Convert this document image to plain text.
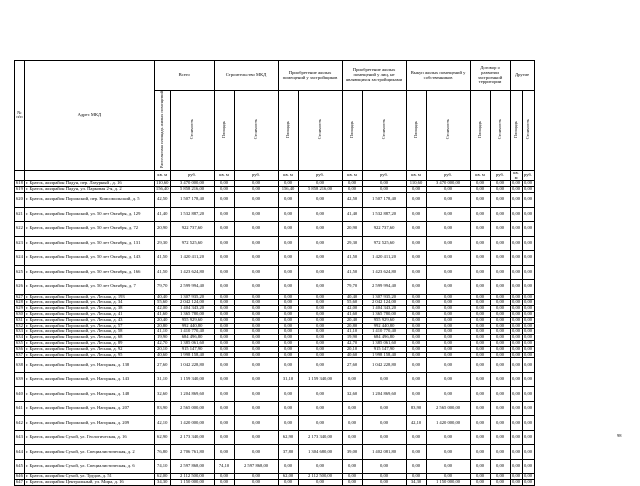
№ п/п	Адрес МКД	Всего		Строительство МКД		Приобретение жилых помещений у застройщиков		Приобретение жилых помещений у лиц, не являющихся застройщиками		Выкуп жилых помещений у собственников		Договор о развитии застроенной территории		Другие	
		Расселяемая площадь жилых помещений	Стоимость	Площадь	Стоимость	Площадь	Стоимость	Площадь	Стоимость	Площадь	Стоимость	Площадь	Стоимость	Площадь	Стоимость
		кв. м	руб.	кв. м	руб.	кв. м	руб.	кв. м	руб.	кв. м	руб.	кв. м	руб.	кв. м	руб.
618	г. Братск, жилрайон Падун, пер. Лазурный , д. 16	110,60	3 470 000,00	0,00	0,00	0,00	0,00	0,00	0,00	110,60	3 470 000,00	0,00	0,00	0,00	0,00
619	г. Братск, жилрайон Падун, ул. Парковая 2-я, д. 2	156,40	5 858 216,00	0,00	0,00	156,40	5 858 216,00	0,00	0,00	0,00	0,00	0,00	0,00	0,00	0,00
620	г. Братск, жилрайон Порожский, пер. Комсомольский, д. 5	42,50	1 507 178,40	0,00	0,00	0,00	0,00	42,50	1 507 178,40	0,00	0,00	0,00	0,00	0,00	0,00
621	г. Братск, жилрайон Порожский, ул. 50 лет Октября, д. 129	41,40	1 532 887,20	0,00	0,00	0,00	0,00	41,40	1 532 887,20	0,00	0,00	0,00	0,00	0,00	0,00
622	г. Братск, жилрайон Порожский, ул. 50 лет Октября, д. 72	20,90	922 737,60	0,00	0,00	0,00	0,00	20,90	922 737,60	0,00	0,00	0,00	0,00	0,00	0,00
623	г. Братск, жилрайон Порожский, ул. 50 лет Октября, д. 131	29,30	972 525,60	0,00	0,00	0,00	0,00	29,30	972 525,60	0,00	0,00	0,00	0,00	0,00	0,00
624	г. Братск, жилрайон Порожский, ул. 50 лет Октября, д. 143	41,50	1 420 411,20	0,00	0,00	0,00	0,00	41,50	1 420 411,20	0,00	0,00	0,00	0,00	0,00	0,00
625	г. Братск, жилрайон Порожский, ул. 50 лет Октября, д. 166	41,50	1 423 624,80	0,00	0,00	0,00	0,00	41,50	1 423 624,80	0,00	0,00	0,00	0,00	0,00	0,00
626	г. Братск, жилрайон Порожский, ул. 50 лет Октября, д. 7	79,70	2 599 994,40	0,00	0,00	0,00	0,00	79,70	2 599 994,40	0,00	0,00	0,00	0,00	0,00	0,00
627	г. Братск, жилрайон Порожский, ул. Лесная, д. 193	40,40	1 307 935,20	0,00	0,00	0,00	0,00	40,40	1 307 935,20	0,00	0,00	0,00	0,00	0,00	0,00
628	г. Братск, жилрайон Порожский, ул. Лесная, д. 34	55,60	2 042 124,00	0,00	0,00	0,00	0,00	55,60	2 042 124,00	0,00	0,00	0,00	0,00	0,00	0,00
629	г. Братск, жилрайон Порожский, ул. Лесная, д. 38	42,00	1 404 343,20	0,00	0,00	0,00	0,00	42,00	1 404 343,20	0,00	0,00	0,00	0,00	0,00	0,00
630	г. Братск, жилрайон Порожский, ул. Лесная, д. 41	41,60	1 365 780,00	0,00	0,00	0,00	0,00	41,60	1 365 780,00	0,00	0,00	0,00	0,00	0,00	0,00
631	г. Братск, жилрайон Порожский, ул. Лесная, д. 43	20,40	955 929,60	0,00	0,00	0,00	0,00	20,40	955 929,60	0,00	0,00	0,00	0,00	0,00	0,00
632	г. Братск, жилрайон Порожский, ул. Лесная, д. 57	20,80	992 440,80	0,00	0,00	0,00	0,00	20,80	992 440,80	0,00	0,00	0,00	0,00	0,00	0,00
633	г. Братск, жилрайон Порожский, ул. Лесная, д. 58	41,10	1 410 770,40	0,00	0,00	0,00	0,00	41,10	1 410 770,40	0,00	0,00	0,00	0,00	0,00	0,00
634	г. Братск, жилрайон Порожский, ул. Лесная, д. 68	19,90	684 496,80	0,00	0,00	0,00	0,00	19,90	684 496,80	0,00	0,00	0,00	0,00	0,00	0,00
635	г. Братск, жилрайон Порожский, ул. Лесная, д. 89	42,70	1 385 061,60	0,00	0,00	0,00	0,00	42,70	1 385 061,60	0,00	0,00	0,00	0,00	0,00	0,00
636	г. Братск, жилрайон Порожский, ул. Лесная, д. 92	20,10	915 147,90	0,00	0,00	0,00	0,00	20,10	915 147,90	0,00	0,00	0,00	0,00	0,00	0,00
637	г. Братск, жилрайон Порожский, ул. Лесная, д. 95	40,60	1 998 158,40	0,00	0,00	0,00	0,00	40,60	1 998 158,40	0,00	0,00	0,00	0,00	0,00	0,00
638	г. Братск, жилрайон Порожский, ул. Нагорная, д. 138	27,60	1 042 228,80	0,00	0,00	0,00	0,00	27,60	1 042 228,80	0,00	0,00	0,00	0,00	0,00	0,00
639	г. Братск, жилрайон Порожский, ул. Нагорная, д. 143	31,10	1 159 340,00	0,00	0,00	31,10	1 159 340,00	0,00	0,00	0,00	0,00	0,00	0,00	0,00	0,00
640	г. Братск, жилрайон Порожский, ул. Нагорная, д. 148	32,60	1 204 869,60	0,00	0,00	0,00	0,00	32,60	1 204 869,60	0,00	0,00	0,00	0,00	0,00	0,00
641	г. Братск, жилрайон Порожский, ул. Нагорная, д. 207	83,90	2 565 000,00	0,00	0,00	0,00	0,00	0,00	0,00	83,90	2 565 000,00	0,00	0,00	0,00	0,00
642	г. Братск, жилрайон Порожский, ул. Нагорная, д. 209	42,10	1 420 000,00	0,00	0,00	0,00	0,00	0,00	0,00	42,10	1 420 000,00	0,00	0,00	0,00	0,00
643	г. Братск, жилрайон Сухой, ул. Геологическая, д. 16	62,90	2 173 340,00	0,00	0,00	62,90	2 173 340,00	0,00	0,00	0,00	0,00	0,00	0,00	0,00	0,00
644	г. Братск, жилрайон Сухой, ул. Специалистическая, д. 2	76,80	2 706 761,80	0,00	0,00	37,80	1 304 680,00	39,00	1 402 081,80	0,00	0,00	0,00	0,00	0,00	0,00
645	г. Братск, жилрайон Сухой, ул. Специалистическая, д. 6	74,10	2 597 868,00	74,10	2 597 868,00	0,00	0,00	0,00	0,00	0,00	0,00	0,00	0,00	0,00	0,00
646	г. Братск, жилрайон Сухой, ул. Трудов, д. 51	62,00	2 112 500,00	0,00	0,00	62,00	2 112 500,00	0,00	0,00	0,00	0,00	0,00	0,00	0,00	0,00
647	г. Братск, жилрайон Центральный, ул. Мира, д. 16	34,30	1 150 000,00	0,00	0,00	0,00	0,00	0,00	0,00	34,30	1 150 000,00	0,00	0,00	0,00	0,00
98
